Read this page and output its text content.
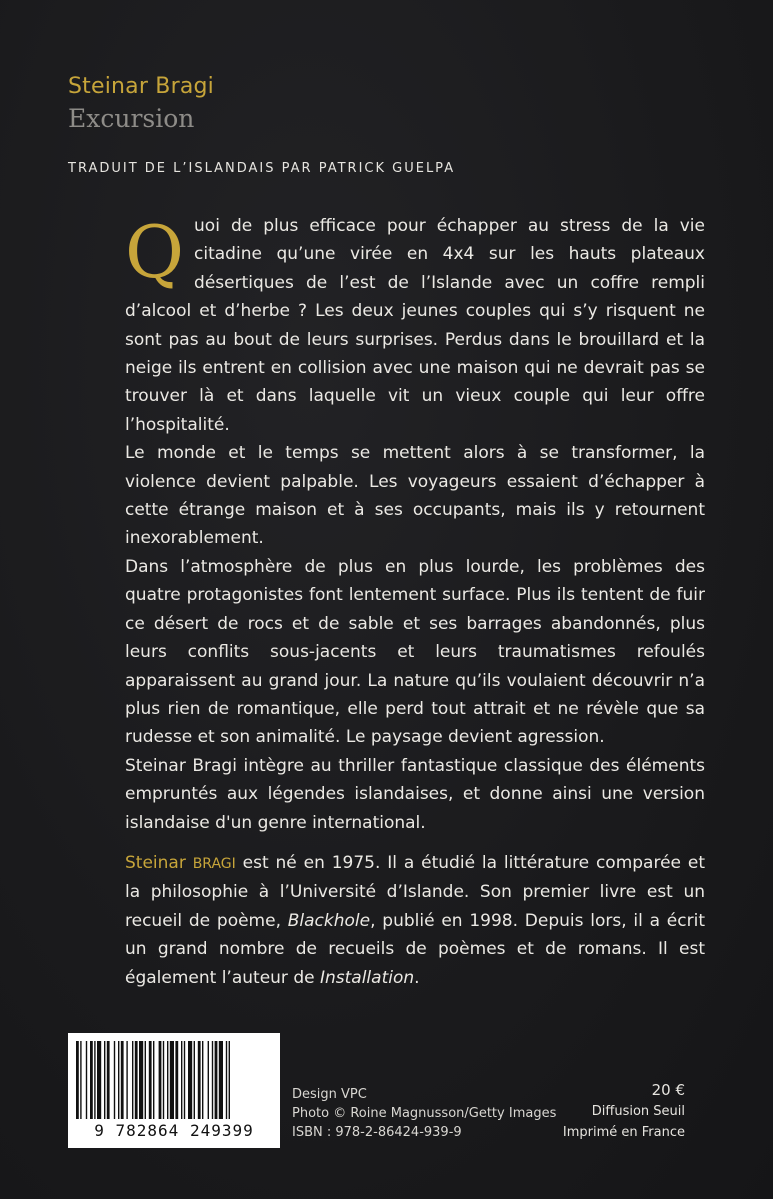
Steinar Bragi
Excursion
TRADUIT DE L’ISLANDAIS PAR PATRICK GUELPA

Quoi de plus efficace pour échapper au stress de la vie citadine qu’une virée en 4x4 sur les hauts plateaux désertiques de l’est de l’Islande avec un coffre rempli d’alcool et d’herbe ? Les deux jeunes couples qui s’y risquent ne sont pas au bout de leurs surprises. Perdus dans le brouillard et la neige ils entrent en collision avec une maison qui ne devrait pas se trouver là et dans laquelle vit un vieux couple qui leur offre l’hospitalité.

Le monde et le temps se mettent alors à se transformer, la violence devient palpable. Les voyageurs essaient d’échapper à cette étrange maison et à ses occupants, mais ils y retournent inexorablement.

Dans l’atmosphère de plus en plus lourde, les problèmes des quatre protagonistes font lentement surface. Plus ils tentent de fuir ce désert de rocs et de sable et ses barrages abandonnés, plus leurs conflits sous-jacents et leurs traumatismes refoulés apparaissent au grand jour. La nature qu’ils voulaient découvrir n’a plus rien de romantique, elle perd tout attrait et ne révèle que sa rudesse et son animalité. Le paysage devient agression.

Steinar Bragi intègre au thriller fantastique classique des éléments empruntés aux légendes islandaises, et donne ainsi une version islandaise d'un genre international.

Steinar BRAGI est né en 1975. Il a étudié la littérature comparée et la philosophie à l’Université d’Islande. Son premier livre est un recueil de poème, Blackhole, publié en 1998. Depuis lors, il a écrit un grand nombre de recueils de poèmes et de romans. Il est également l’auteur de Installation.

9 782864 249399
Design VPC
Photo © Roine Magnusson/Getty Images
ISBN : 978-2-86424-939-9
20 €
Diffusion Seuil
Imprimé en France
